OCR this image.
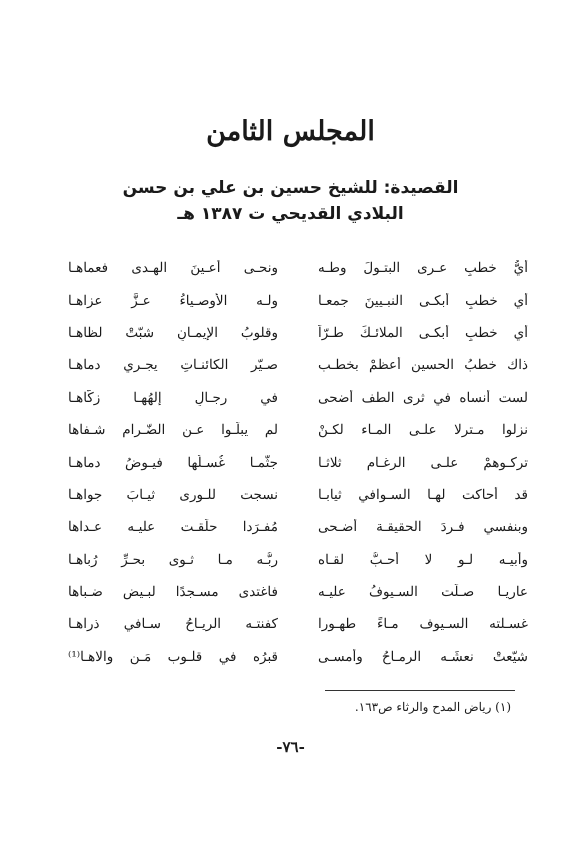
المجلس الثامن
القصيدة: للشيخ حسين بن علي بن حسن
البلادي القديحي ت ١٣٨٧ هـ
أيُّ خطبٍ عـرى البتـولَ وطـه
ونحـى أعـينَ الهـدى فعماهـا
أي خطبٍ أبكـى النبـيينَ جمعـا
ولـه الأوصـياءُ عـزَّ عزاهـا
أي خطبٍ أبكـى الملائـكَ طـرّاً
وقلوبُ الإيمـانِ شبّتْ لظاهـا
ذاك خطبُ الحسينِ أعظمْ بخطـب
صـيّر الكائنـاتِ يجـري دماهـا
لست أنساه في ثرى الطف أضحى
في رجـالِ إلهُهـا زكّاهـا
نزلوا مـترلا علـى المـاء لكـنْ
لم يبلُّـوا عـن الضّـرام شـفاها
تركـوهمْ علـى الرغـامِ ثلاثـا
جثّمـا غُسـلُها فيـوضُ دماهـا
قد أحاكت لهـا السـوافي ثيابـا
نسجت للـورى ثيـابَ جواهـا
وبنفسي فـردَ الحقيقـة أضـحى
مُفـرَدا حلّقـت عليـه عـداها
وأبيـه لـو لا أحـبُّ لقـاه
ربُّـه مـا ثـوى بحـرِّ رُباهـا
عاريـا صـلّت السـيوفُ عليـه
فاغتدى مسـجدًا لبـيض ضـباها
غسـلته السـيوف مـاءً طهـورا
كفنتـه الريـاحُ سـافي ذراهـا
شيّعتْ نعشَـه الرمـاحُ وأمسـى
قبرُه في قلـوب مَـن والاهـا⁽¹⁾
(١) رياض المدح والرثاء ص١٦٣.
-٧٦-
